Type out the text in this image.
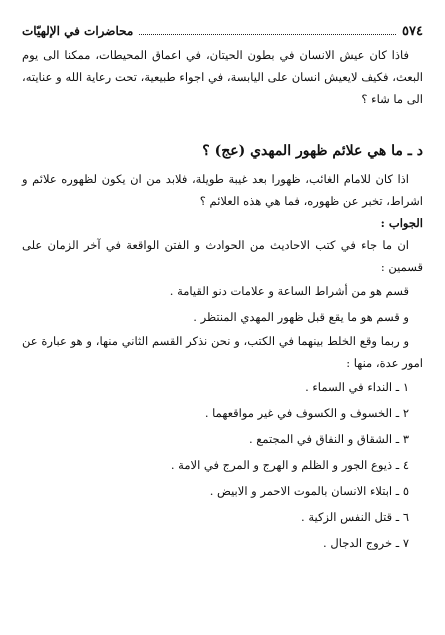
٥٧٤
محاضرات في الإلهيّات

فاذا كان عيش الانسان في بطون الحيتان، في اعماق المحيطات، ممكنا الى يوم البعث، فكيف لايعيش انسان على اليابسة، في اجواء طبيعية، تحت رعاية الله و عنايته، الى ما شاء ؟

د ـ ما هي علائم ظهور المهدي (عج) ؟

اذا كان للامام الغائب، ظهورا بعد غيبة طويلة، فلابد من ان يكون لظهوره علائم و اشراط، تخبر عن ظهوره، فما هي هذه العلائم ؟

الجواب :

ان ما جاء في كتب الاحاديث من الحوادث و الفتن الواقعة في آخر الزمان على قسمين :

قسم هو من أشراط الساعة و علامات دنو القيامة .

و قسم هو ما يقع قبل ظهور المهدي المنتظر .

و ربما وقع الخلط بينهما في الكتب، و نحن نذكر القسم الثاني منها، و هو عبارة عن امور عدة، منها :

١ ـ النداء في السماء .

٢ ـ الخسوف و الكسوف في غير مواقعهما .

٣ ـ الشقاق و النفاق في المجتمع .

٤ ـ ذيوع الجور و الظلم و الهرج و المرج في الامة .

٥ ـ ابتلاء الانسان بالموت الاحمر و الابيض .

٦ ـ قتل النفس الزكية .

٧ ـ خروج الدجال .
